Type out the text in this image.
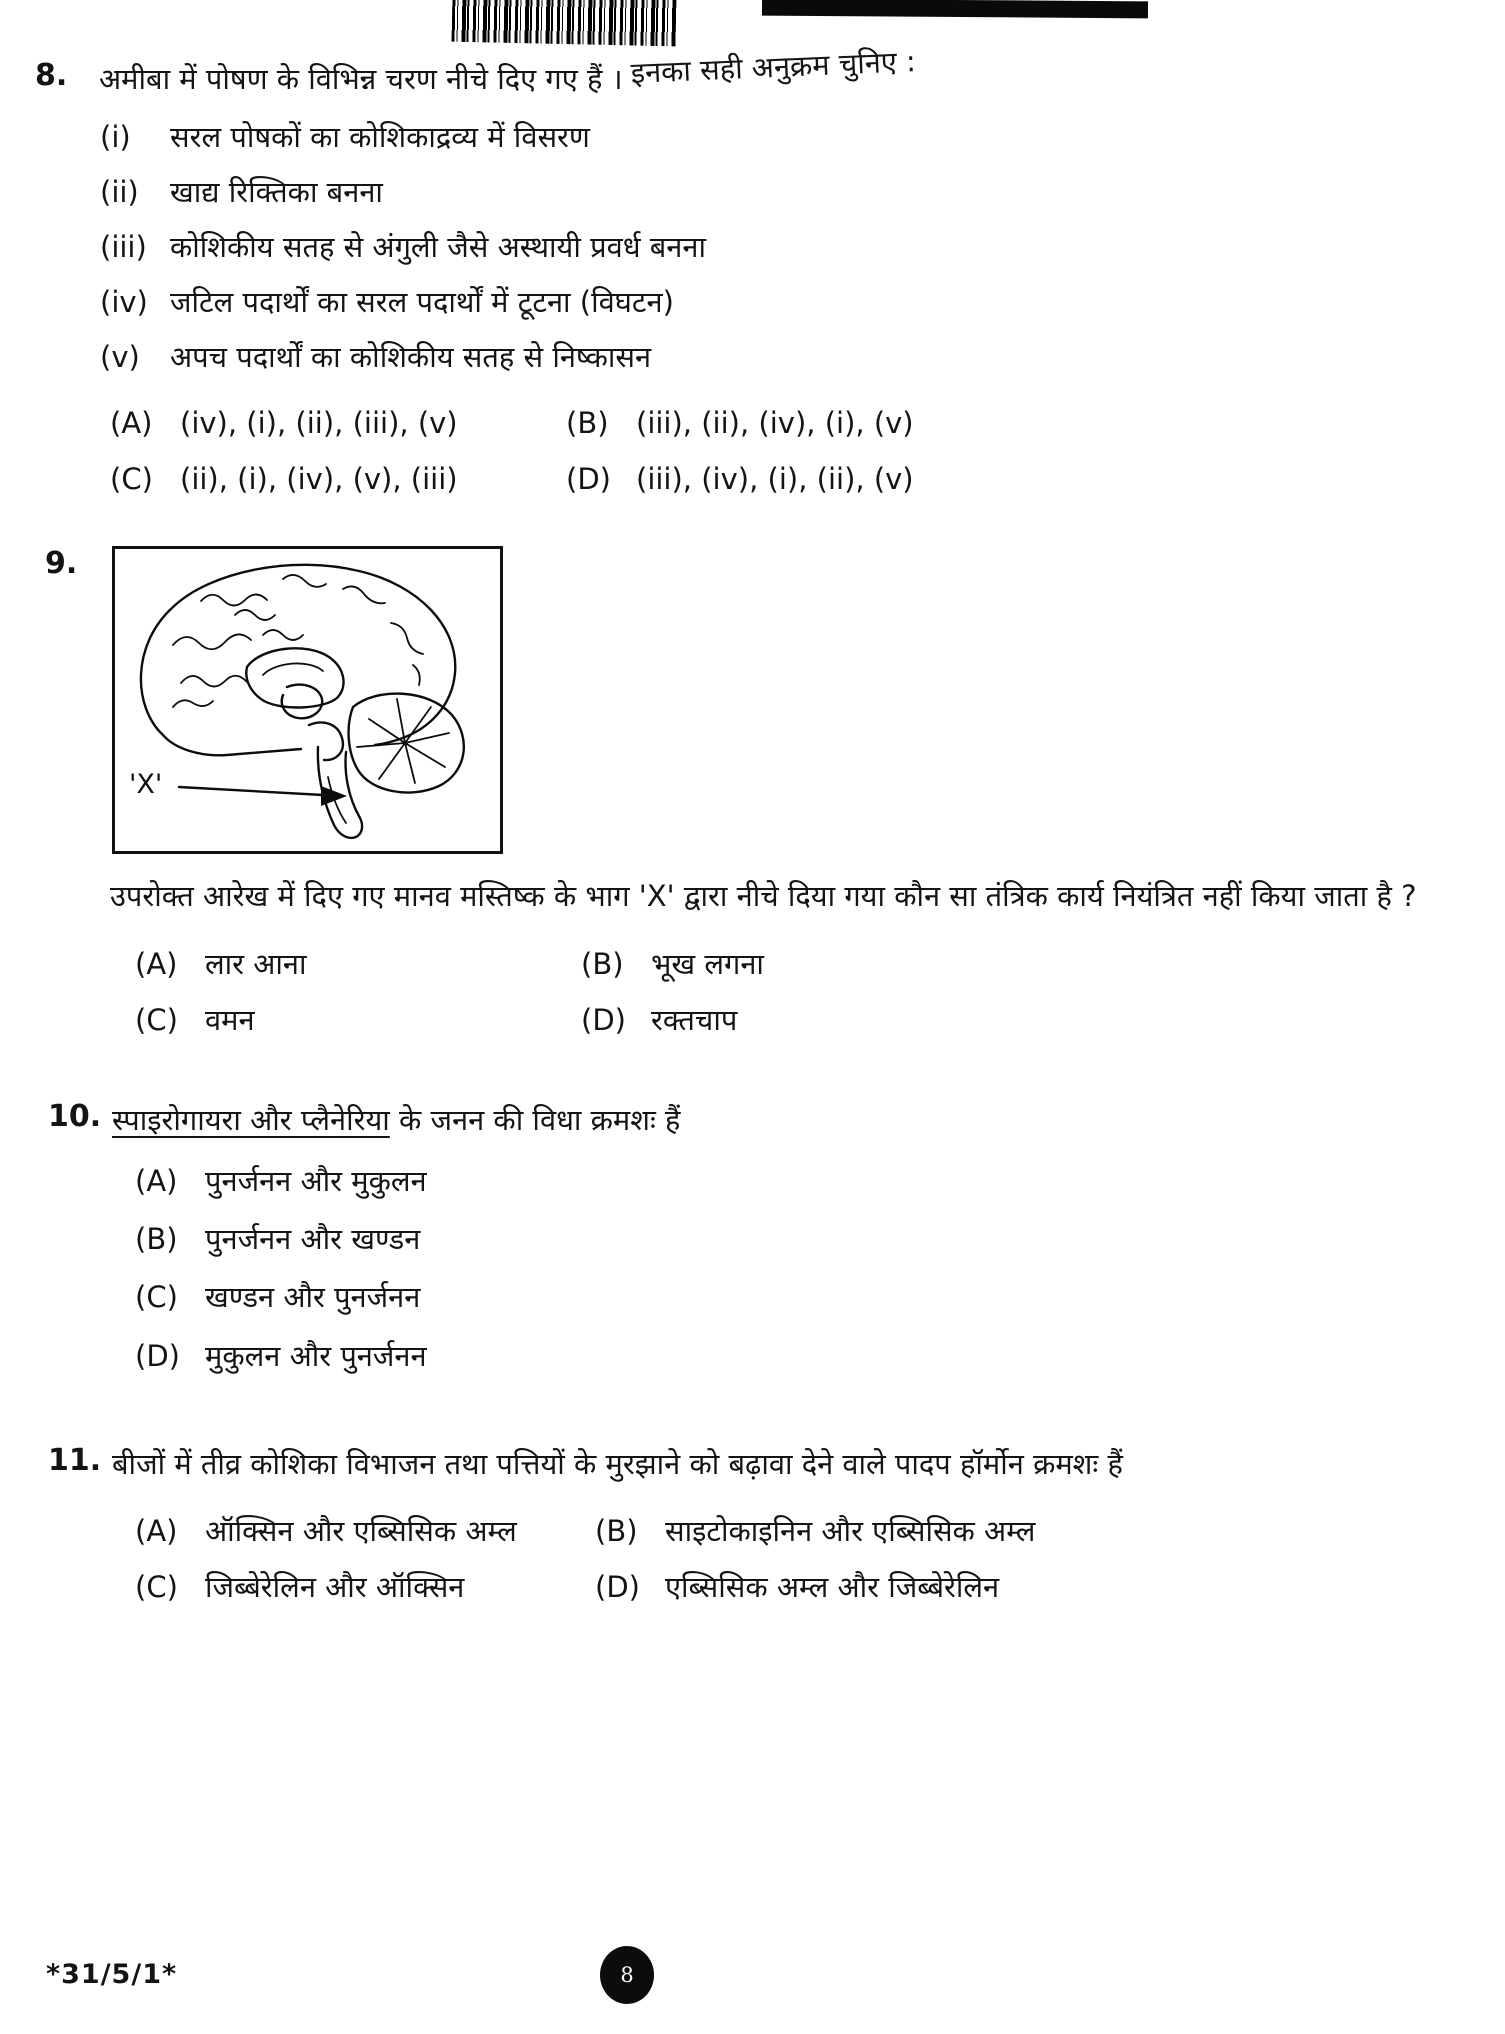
8.	अमीबा में पोषण के विभिन्न चरण नीचे दिए गए हैं । इनका सही अनुक्रम चुनिए :
(i)	सरल पोषकों का कोशिकाद्रव्य में विसरण
(ii)	खाद्य रिक्तिका बनना
(iii) कोशिकीय सतह से अंगुली जैसे अस्थायी प्रवर्ध बनना
(iv) जटिल पदार्थों का सरल पदार्थों में टूटना (विघटन)
(v)	अपच पदार्थों का कोशिकीय सतह से निष्कासन
(A) (iv), (i), (ii), (iii), (v)	(B) (iii), (ii), (iv), (i), (v)
(C) (ii), (i), (iv), (v), (iii)	(D) (iii), (iv), (i), (ii), (v)
9.
'X'
उपरोक्त आरेख में दिए गए मानव मस्तिष्क के भाग 'X' द्वारा नीचे दिया गया कौन सा तंत्रिक कार्य नियंत्रित नहीं किया जाता है ?
(A) लार आना	(B) भूख लगना
(C) वमन	(D) रक्तचाप
10. स्पाइरोगायरा और प्लैनेरिया के जनन की विधा क्रमशः हैं
(A) पुनर्जनन और मुकुलन
(B) पुनर्जनन और खण्डन
(C) खण्डन और पुनर्जनन
(D) मुकुलन और पुनर्जनन
11. बीजों में तीव्र कोशिका विभाजन तथा पत्तियों के मुरझाने को बढ़ावा देने वाले पादप हॉर्मोन क्रमशः हैं
(A) ऑक्सिन और एब्सिसिक अम्ल	(B) साइटोकाइनिन और एब्सिसिक अम्ल
(C) जिब्बेरेलिन और ऑक्सिन	(D) एब्सिसिक अम्ल और जिब्बेरेलिन
*31/5/1*	8
